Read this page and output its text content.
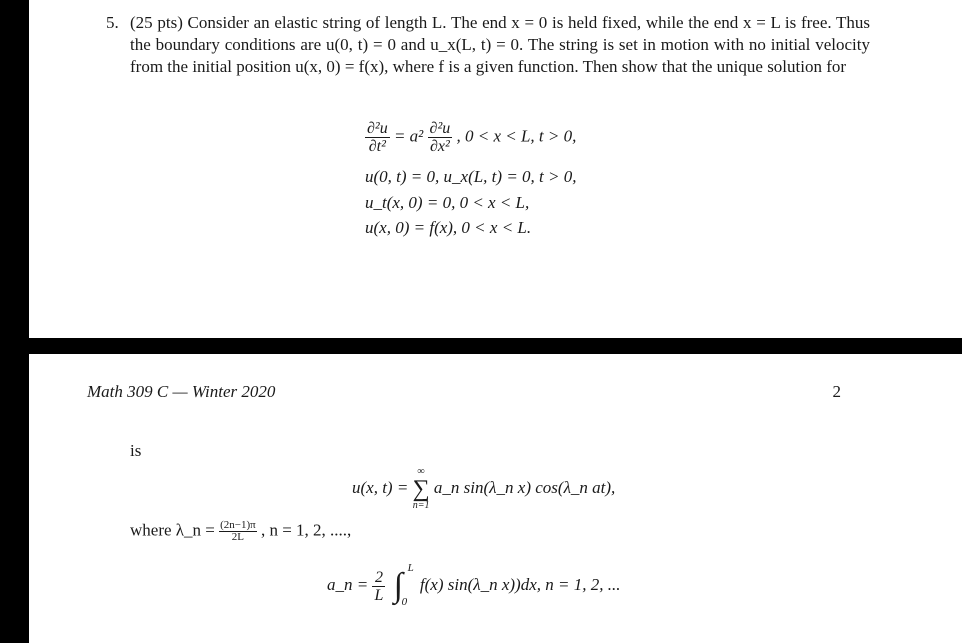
5. (25 pts) Consider an elastic string of length L. The end x = 0 is held fixed, while the end x = L is free. Thus the boundary conditions are u(0, t) = 0 and u_x(L, t) = 0. The string is set in motion with no initial velocity from the initial position u(x, 0) = f(x), where f is a given function. Then show that the unique solution for
$\frac{\text{∂²u}}{\text{∂t²}} = a^2 \frac{\text{∂²u}}{\text{∂x²}}$ , 0 < x < L, t > 0,
u(0, t) = 0, u_x(L, t) = 0, t > 0,
u_t(x, 0) = 0, 0 < x < L,
u(x, 0) = f(x), 0 < x < L.
Math 309 C — Winter 2020	2
is
u(x, t) =
∞
∑
n=1
a_n sin(λ_n x) cos(λ_n at),
where λ_n = $\frac{(2n-1)\pi}{2L}$ , n = 1, 2, ....,
a_n = $\frac{2}{L}$
∫ L
0
f(x) sin(λ_n x))dx, n = 1, 2, ...
